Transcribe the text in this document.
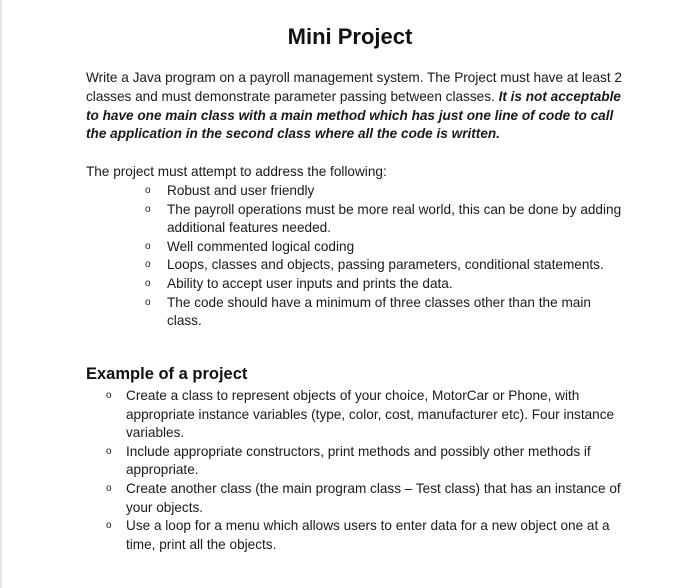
Mini Project

Write a Java program on a payroll management system. The Project must have at least 2 classes and must demonstrate parameter passing between classes. It is not acceptable to have one main class with a main method which has just one line of code to call the application in the second class where all the code is written.

The project must attempt to address the following:

o Robust and user friendly
o The payroll operations must be more real world, this can be done by adding additional features needed.
o Well commented logical coding
o Loops, classes and objects, passing parameters, conditional statements.
o Ability to accept user inputs and prints the data.
o The code should have a minimum of three classes other than the main class.
Example of a project
o Create a class to represent objects of your choice, MotorCar or Phone, with appropriate instance variables (type, color, cost, manufacturer etc). Four instance variables.
o Include appropriate constructors, print methods and possibly other methods if appropriate.
o Create another class (the main program class – Test class) that has an instance of your objects.
o Use a loop for a menu which allows users to enter data for a new object one at a time, print all the objects.
